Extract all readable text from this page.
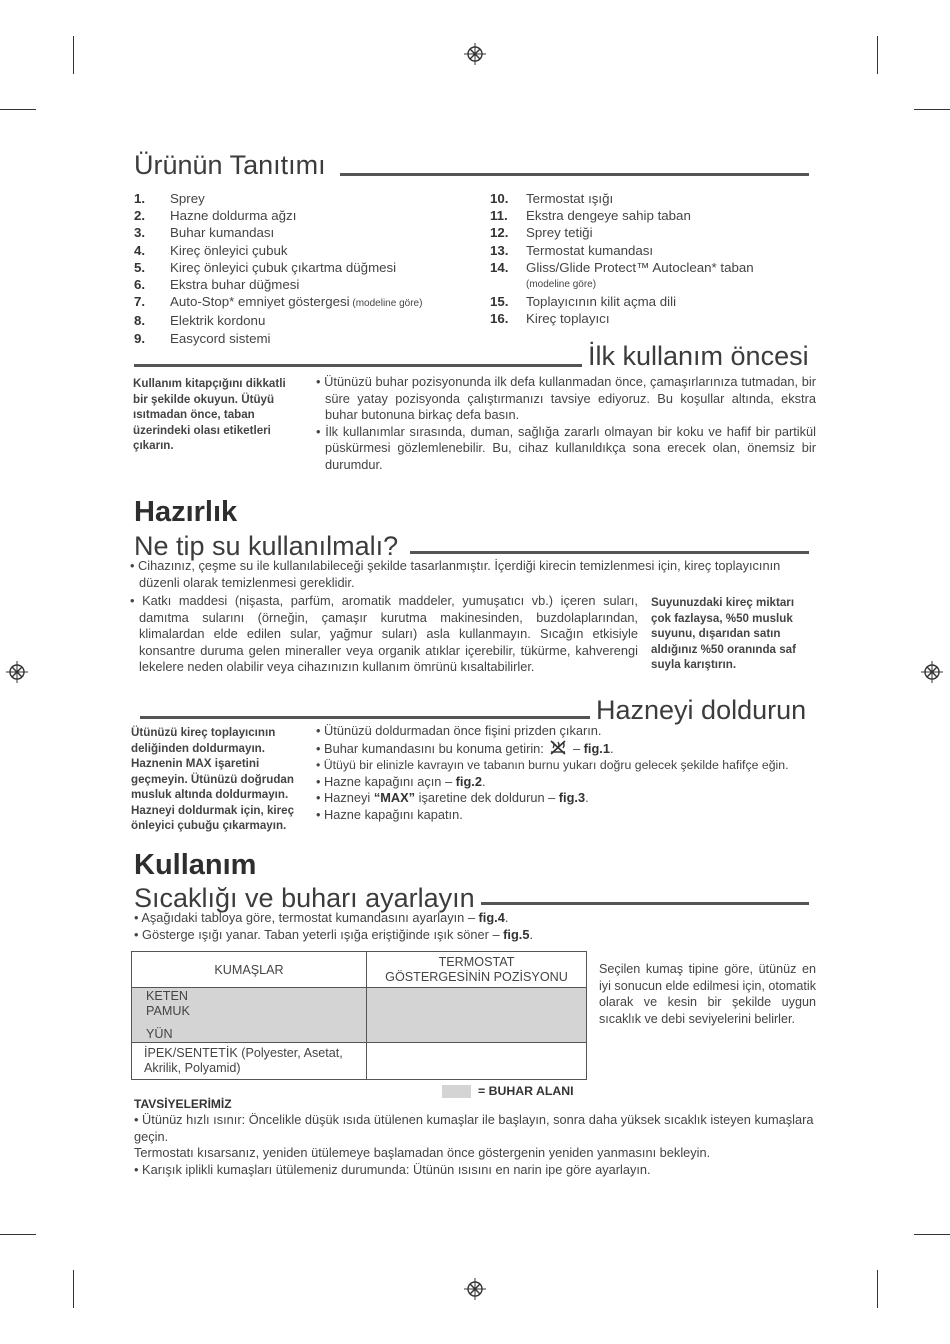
Ürünün Tanıtımı
1.	Sprey
2.	Hazne doldurma ağzı
3.	Buhar kumandası
4.	Kireç önleyici çubuk
5.	Kireç önleyici çubuk çıkartma düğmesi
6.	Ekstra buhar düğmesi
7.	Auto-Stop* emniyet göstergesi (modeline göre)
8.	Elektrik kordonu
9.	Easycord sistemi
10.	Termostat ışığı
11.	Ekstra dengeye sahip taban
12.	Sprey tetiği
13.	Termostat kumandası
14.	Gliss/Glide Protect™ Autoclean* taban
(modeline göre)
15.	Toplayıcının kilit açma dili
16.	Kireç toplayıcı
İlk kullanım öncesi
Kullanım kitapçığını dikkatli bir şekilde okuyun. Ütüyü ısıtmadan önce, taban üzerindeki olası etiketleri çıkarın.

• Ütünüzü buhar pozisyonunda ilk defa kullanmadan önce, çamaşırlarınıza tutmadan, bir süre yatay pozisyonda çalıştırmanızı tavsiye ediyoruz. Bu koşullar altında, ekstra buhar butonuna birkaç defa basın.

• İlk kullanımlar sırasında, duman, sağlığa zararlı olmayan bir koku ve hafif bir partikül püskürmesi gözlemlenebilir. Bu, cihaz kullanıldıkça sona erecek olan, önemsiz bir durumdur.

Hazırlık
Ne tip su kullanılmalı?

• Cihazınız, çeşme su ile kullanılabileceği şekilde tasarlanmıştır. İçerdiği kirecin temizlenmesi için, kireç toplayıcının düzenli olarak temizlenmesi gereklidir.

• Katkı maddesi (nişasta, parfüm, aromatik maddeler, yumuşatıcı vb.) içeren suları, damıtma sularını (örneğin, çamaşır kurutma makinesinden, buzdolaplarından, klimalardan elde edilen sular, yağmur suları) asla kullanmayın. Sıcağın etkisiyle konsantre duruma gelen mineraller veya organik atıklar içerebilir, tükürme, kahverengi lekelere neden olabilir veya cihazınızın kullanım ömrünü kısaltabilirler.

Suyunuzdaki kireç miktarı çok fazlaysa, %50 musluk suyunu, dışarıdan satın aldığınız %50 oranında saf suyla karıştırın.
Hazneyi doldurun
Ütünüzü kireç toplayıcının deliğinden doldurmayın. Haznenin MAX işaretini geçmeyin. Ütünüzü doğrudan musluk altında doldurmayın. Hazneyi doldurmak için, kireç önleyici çubuğu çıkarmayın.
• Ütünüzü doldurmadan önce fişini prizden çıkarın.
• Buhar kumandasını bu konuma getirin: – fig.1.
• Ütüyü bir elinizle kavrayın ve tabanın burnu yukarı doğru gelecek şekilde hafifçe eğin.
• Hazne kapağını açın – fig.2.
• Hazneyi “MAX” işaretine dek doldurun – fig.3.
• Hazne kapağını kapatın.
Kullanım
Sıcaklığı ve buharı ayarlayın
• Aşağıdaki tabloya göre, termostat kumandasını ayarlayın – fig.4.
• Gösterge ışığı yanar. Taban yeterli ışığa eriştiğinde ışık söner – fig.5.
KUMAŞLAR	TERMOSTAT
GÖSTERGESİNİN POZİSYONU

KETEN
PAMUK
YÜN	

İPEK/SENTETİK (Polyester, Asetat, Akrilik, Polyamid)	
= BUHAR ALANI
Seçilen kumaş tipine göre, ütünüz en iyi sonucun elde edilmesi için, otomatik olarak ve kesin bir şekilde uygun sıcaklık ve debi seviyelerini belirler.
TAVSİYELERİMİZ
• Ütünüz hızlı ısınır: Öncelikle düşük ısıda ütülenen kumaşlar ile başlayın, sonra daha yüksek sıcaklık isteyen kumaşlara geçin.
Termostatı kısarsanız, yeniden ütülemeye başlamadan önce göstergenin yeniden yanmasını bekleyin.
• Karışık iplikli kumaşları ütülemeniz durumunda: Ütünün ısısını en narin ipe göre ayarlayın.
